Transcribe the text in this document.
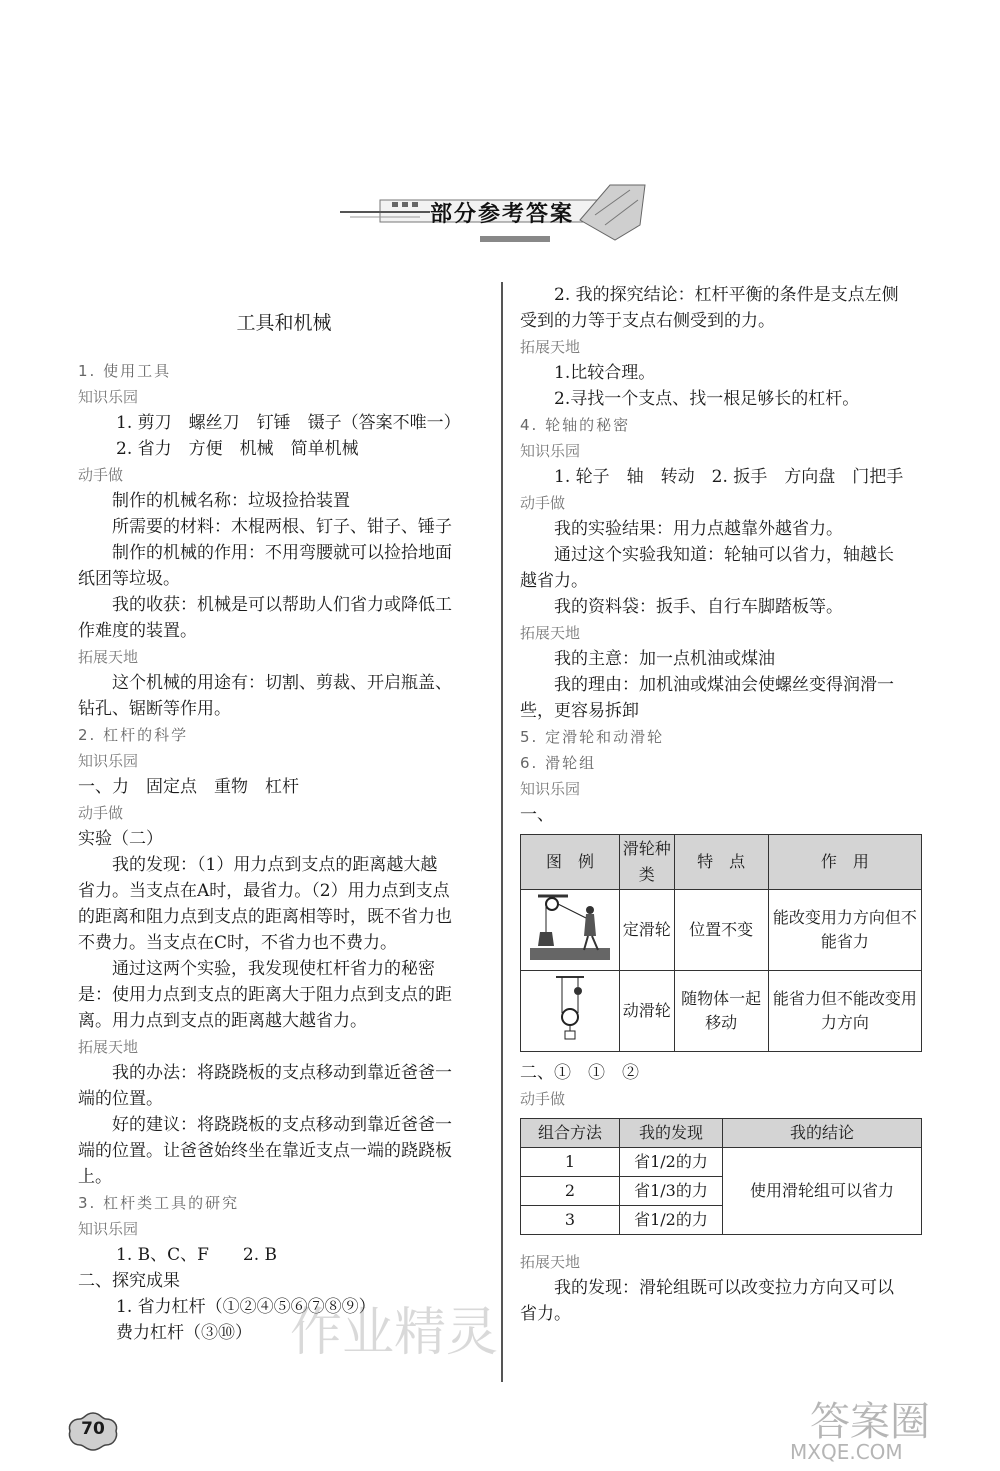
部分参考答案
工具和机械
1. 使用工具
知识乐园
1. 剪刀　螺丝刀　钉锤　镊子（答案不唯一）
2. 省力　方便　机械　简单机械
动手做
制作的机械名称：垃圾捡拾装置
所需要的材料：木棍两根、钉子、钳子、锤子
制作的机械的作用：不用弯腰就可以捡拾地面
纸团等垃圾。
我的收获：机械是可以帮助人们省力或降低工
作难度的装置。
拓展天地
这个机械的用途有：切割、剪裁、开启瓶盖、
钻孔、锯断等作用。
2. 杠杆的科学
知识乐园
一、力　固定点　重物　杠杆
动手做
实验（二）
我的发现：（1）用力点到支点的距离越大越
省力。当支点在A时，最省力。（2）用力点到支点
的距离和阻力点到支点的距离相等时，既不省力也
不费力。当支点在C时，不省力也不费力。
通过这两个实验，我发现使杠杆省力的秘密
是：使用力点到支点的距离大于阻力点到支点的距
离。用力点到支点的距离越大越省力。
拓展天地
我的办法：将跷跷板的支点移动到靠近爸爸一
端的位置。
好的建议：将跷跷板的支点移动到靠近爸爸一
端的位置。让爸爸始终坐在靠近支点一端的跷跷板
上。
3. 杠杆类工具的研究
知识乐园
1. B、C、F　　2. B
二、探究成果
1. 省力杠杆（①②④⑤⑥⑦⑧⑨）
费力杠杆（③⑩）
2. 我的探究结论：杠杆平衡的条件是支点左侧
受到的力等于支点右侧受到的力。
拓展天地
1.比较合理。
2.寻找一个支点、找一根足够长的杠杆。
4. 轮轴的秘密
知识乐园
1. 轮子　轴　转动　2. 扳手　方向盘　门把手
动手做
我的实验结果：用力点越靠外越省力。
通过这个实验我知道：轮轴可以省力，轴越长
越省力。
我的资料袋：扳手、自行车脚踏板等。
拓展天地
我的主意：加一点机油或煤油
我的理由：加机油或煤油会使螺丝变得润滑一
些，更容易拆卸
5. 定滑轮和动滑轮
6. 滑轮组
知识乐园
一、
图　例	滑轮种类	特　点	作　用
	定滑轮	位置不变	能改变用力方向但不能省力
	动滑轮	随物体一起移动	能省力但不能改变用力方向
二、①　①　②
动手做
组合方法	我的发现	我的结论
1	省1/2的力	使用滑轮组可以省力
2	省1/3的力	
3	省1/2的力	
拓展天地
我的发现：滑轮组既可以改变拉力方向又可以
省力。
70
作业精灵
答案圈
MXQE.COM
